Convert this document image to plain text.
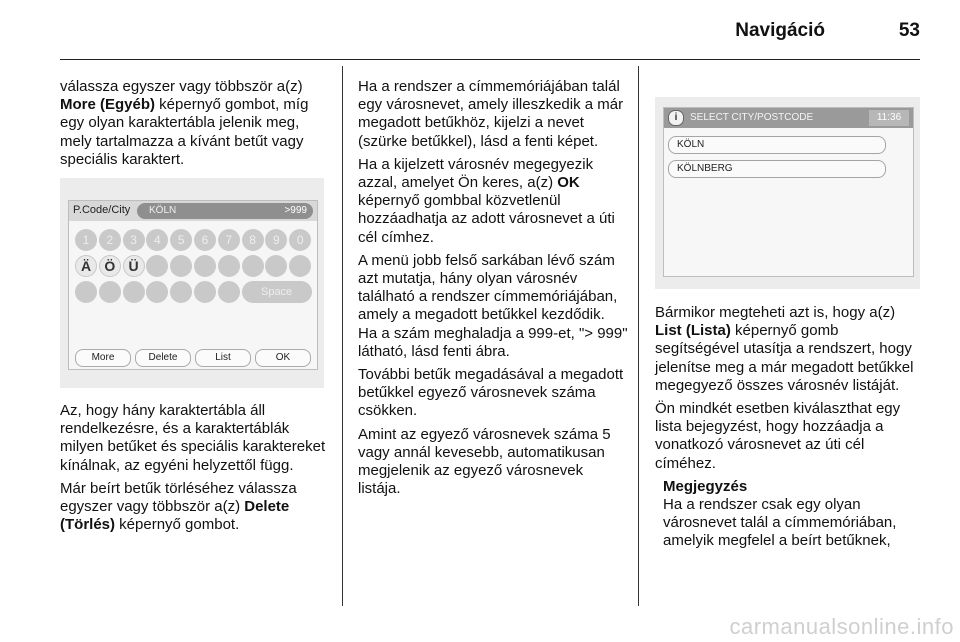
Navigáció	53

válassza egyszer vagy többször a(z) More (Egyéb) képernyő gombot, míg egy olyan karaktertábla jelenik meg, mely tartalmazza a kívánt betűt vagy speciális karaktert.

P.Code/City KÖLN	>999
1	2	3	4	5	6	7	8	9	0
Ä Ö Ü
Space
More	Delete	List	OK

Az, hogy hány karaktertábla áll rendelkezésre, és a karaktertáblák milyen betűket és speciális karaktereket kínálnak, az egyéni helyzettől függ.

Már beírt betűk törléséhez válassza egyszer vagy többször a(z) Delete (Törlés) képernyő gombot.

Ha a rendszer a címmemóriájában talál egy városnevet, amely illeszkedik a már megadott betűkhöz, kijelzi a nevet (szürke betűkkel), lásd a fenti képet.

Ha a kijelzett városnév megegyezik azzal, amelyet Ön keres, a(z) OK képernyő gombbal közvetlenül hozzáadhatja az adott városnevet a úti cél címhez.

A menü jobb felső sarkában lévő szám azt mutatja, hány olyan városnév található a rendszer címmemóriájában, amely a megadott betűkkel kezdődik. Ha a szám meghaladja a 999-et, "> 999" látható, lásd fenti ábra.

További betűk megadásával a megadott betűkkel egyező városnevek száma csökken.

Amint az egyező városnevek száma 5 vagy annál kevesebb, automatikusan megjelenik az egyező városnevek listája.

i	SELECT CITY/POSTCODE	11:36
KÖLN
KÖLNBERG

Bármikor megteheti azt is, hogy a(z) List (Lista) képernyő gomb segítségével utasítja a rendszert, hogy jelenítse meg a már megadott betűkkel megegyező összes városnév listáját.

Ön mindkét esetben kiválaszthat egy lista bejegyzést, hogy hozzáadja a vonatkozó városnevet az úti cél címéhez.

Megjegyzés
Ha a rendszer csak egy olyan városnevet talál a címmemóriában, amelyik megfelel a beírt betűknek,
carmanualsonline.info
